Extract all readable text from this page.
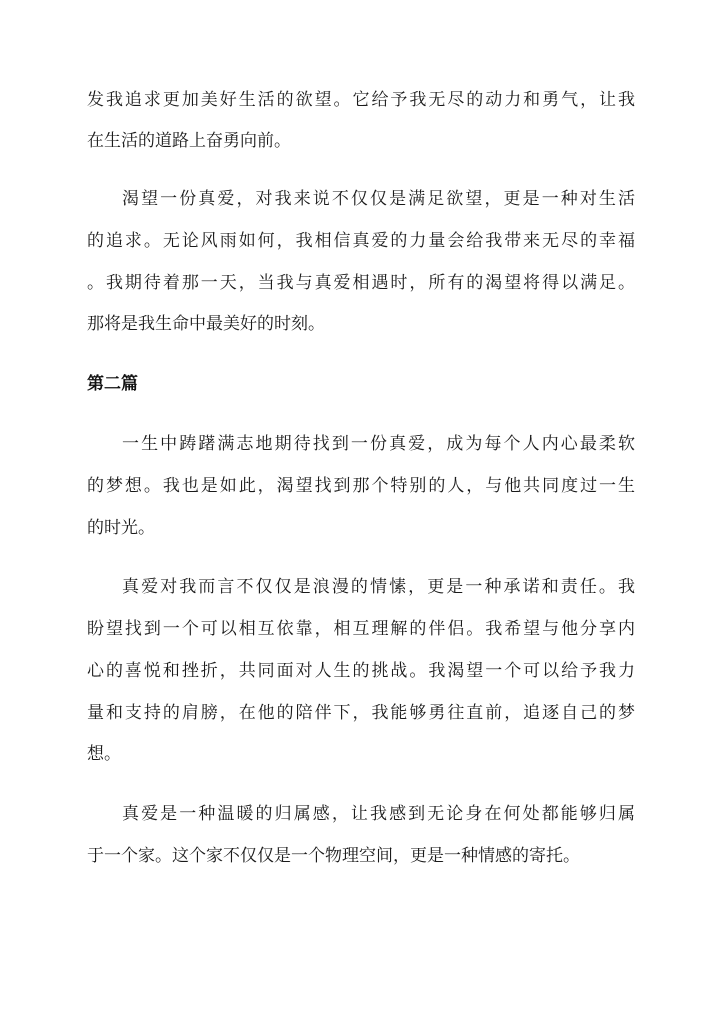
发我追求更加美好生活的欲望。它给予我无尽的动力和勇气，让我
在生活的道路上奋勇向前。
渴望一份真爱，对我来说不仅仅是满足欲望，更是一种对生活
的追求。无论风雨如何，我相信真爱的力量会给我带来无尽的幸福
。我期待着那一天，当我与真爱相遇时，所有的渴望将得以满足。
那将是我生命中最美好的时刻。
第二篇
一生中踌躇满志地期待找到一份真爱，成为每个人内心最柔软
的梦想。我也是如此，渴望找到那个特别的人，与他共同度过一生
的时光。
真爱对我而言不仅仅是浪漫的情愫，更是一种承诺和责任。我
盼望找到一个可以相互依靠，相互理解的伴侣。我希望与他分享内
心的喜悦和挫折，共同面对人生的挑战。我渴望一个可以给予我力
量和支持的肩膀，在他的陪伴下，我能够勇往直前，追逐自己的梦
想。
真爱是一种温暖的归属感，让我感到无论身在何处都能够归属
于一个家。这个家不仅仅是一个物理空间，更是一种情感的寄托。
